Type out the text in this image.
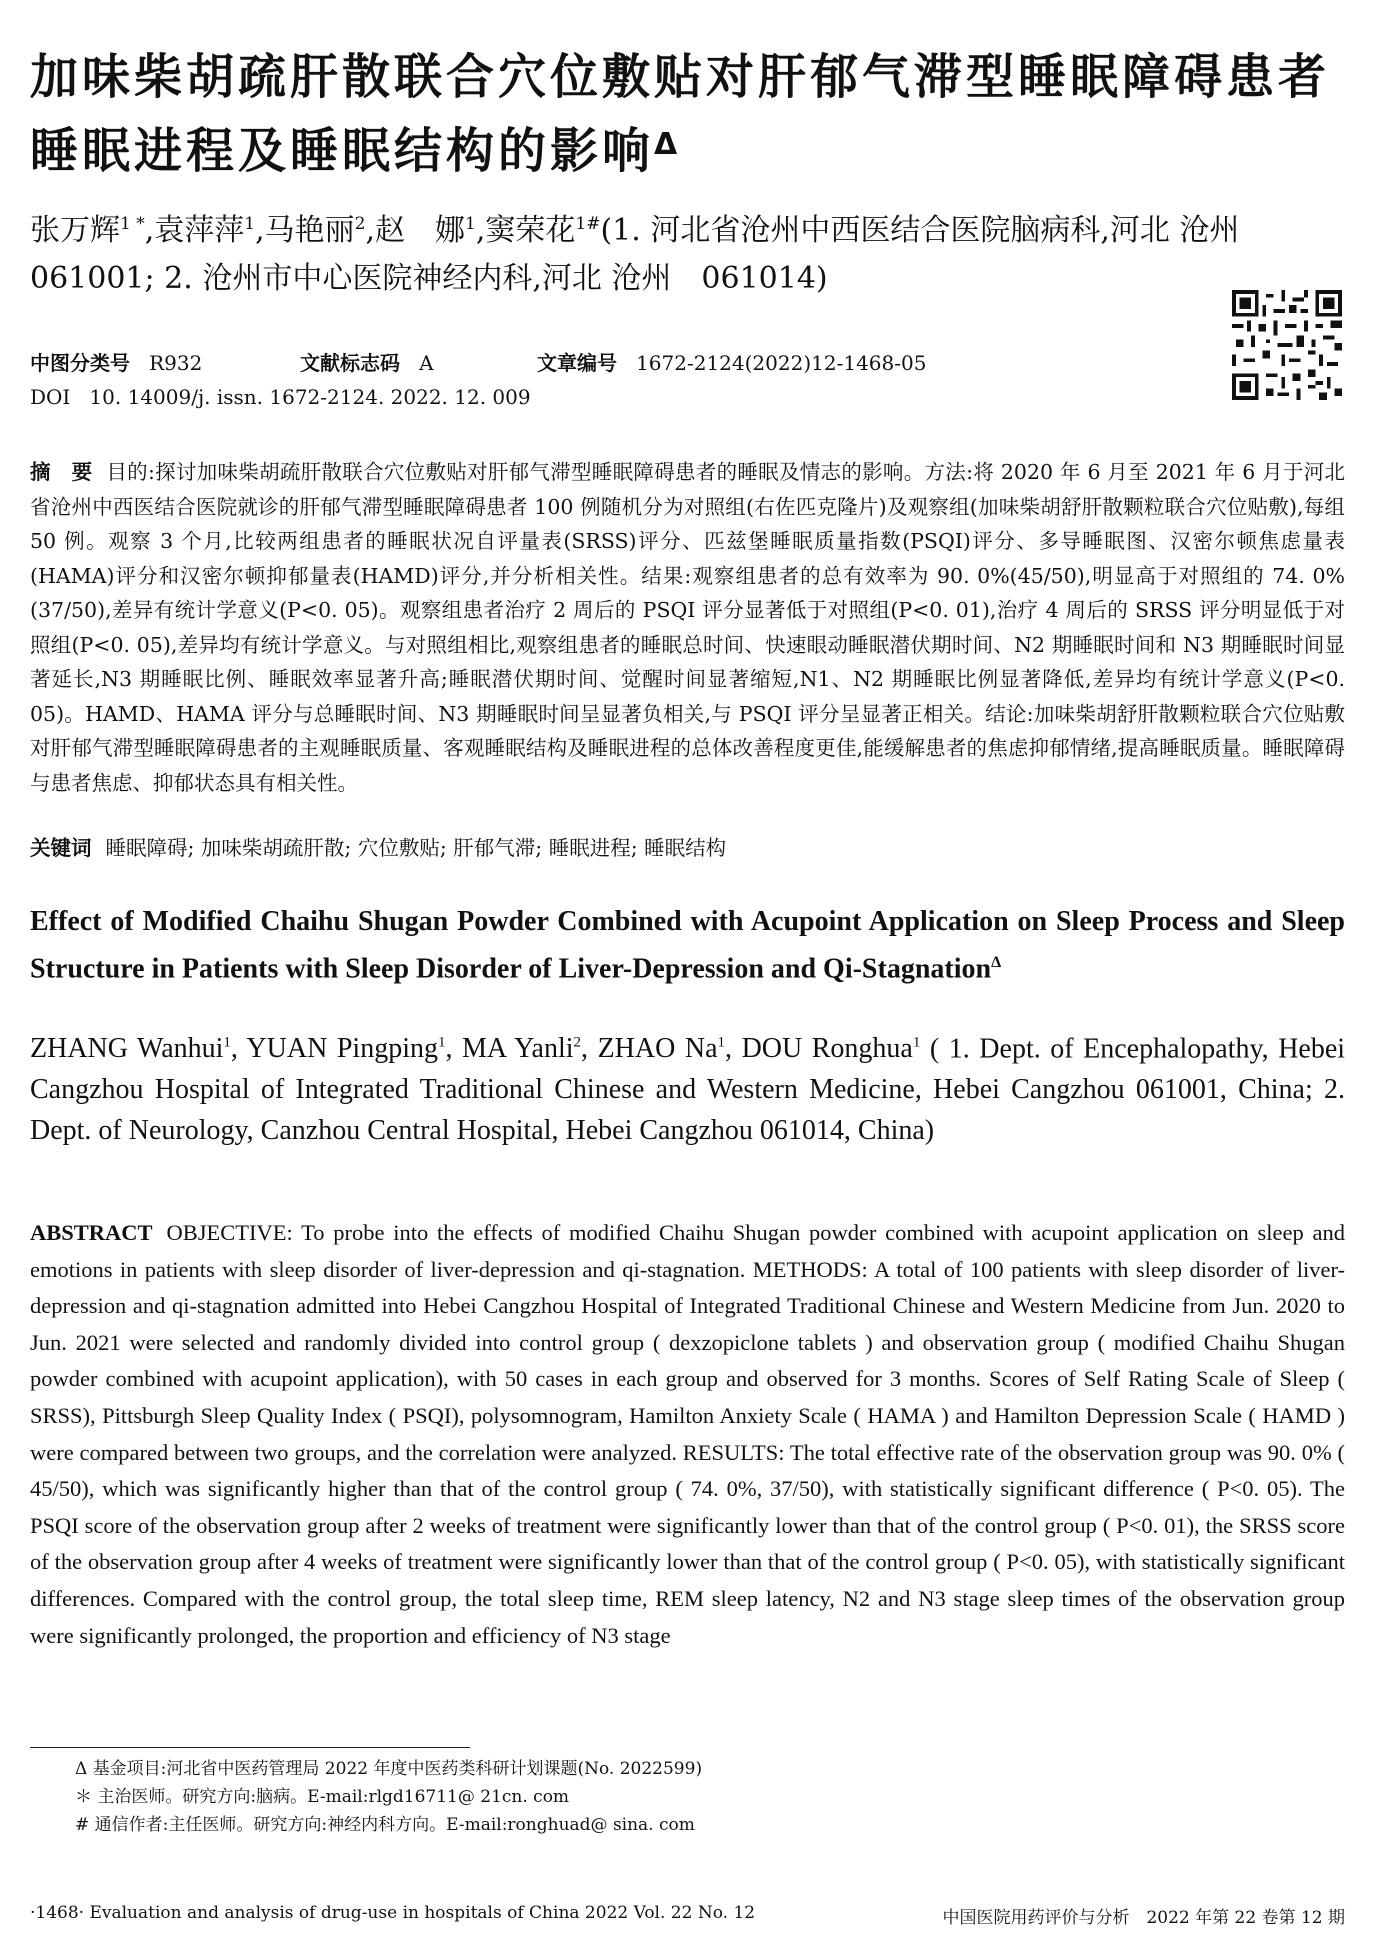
加味柴胡疏肝散联合穴位敷贴对肝郁气滞型睡眠障碍患者睡眠进程及睡眠结构的影响$^\Delta$
张万辉$^{1 *}$,袁萍萍$^1$,马艳丽$^2$,赵　娜$^1$,窦荣花$^{1\#}$(1. 河北省沧州中西医结合医院脑病科,河北 沧州　061001; 2. 沧州市中心医院神经内科,河北 沧州　061014)
中图分类号 R932	文献标志码 A	文章编号 1672-2124(2022)12-1468-05
DOI 10. 14009/j. issn. 1672-2124. 2022. 12. 009
摘　要 目的:探讨加味柴胡疏肝散联合穴位敷贴对肝郁气滞型睡眠障碍患者的睡眠及情志的影响。方法:将 2020 年 6 月至 2021 年 6 月于河北省沧州中西医结合医院就诊的肝郁气滞型睡眠障碍患者 100 例随机分为对照组(右佐匹克隆片)及观察组(加味柴胡舒肝散颗粒联合穴位贴敷),每组 50 例。观察 3 个月,比较两组患者的睡眠状况自评量表(SRSS)评分、匹兹堡睡眠质量指数(PSQI)评分、多导睡眠图、汉密尔顿焦虑量表(HAMA)评分和汉密尔顿抑郁量表(HAMD)评分,并分析相关性。结果:观察组患者的总有效率为 90. 0%(45/50),明显高于对照组的 74. 0%(37/50),差异有统计学意义(P<0. 05)。观察组患者治疗 2 周后的 PSQI 评分显著低于对照组(P<0. 01),治疗 4 周后的 SRSS 评分明显低于对照组(P<0. 05),差异均有统计学意义。与对照组相比,观察组患者的睡眠总时间、快速眼动睡眠潜伏期时间、N2 期睡眠时间和 N3 期睡眠时间显著延长,N3 期睡眠比例、睡眠效率显著升高;睡眠潜伏期时间、觉醒时间显著缩短,N1、N2 期睡眠比例显著降低,差异均有统计学意义(P<0. 05)。HAMD、HAMA 评分与总睡眠时间、N3 期睡眠时间呈显著负相关,与 PSQI 评分呈显著正相关。结论:加味柴胡舒肝散颗粒联合穴位贴敷对肝郁气滞型睡眠障碍患者的主观睡眠质量、客观睡眠结构及睡眠进程的总体改善程度更佳,能缓解患者的焦虑抑郁情绪,提高睡眠质量。睡眠障碍与患者焦虑、抑郁状态具有相关性。
关键词 睡眠障碍; 加味柴胡疏肝散; 穴位敷贴; 肝郁气滞; 睡眠进程; 睡眠结构
Effect of Modified Chaihu Shugan Powder Combined with Acupoint Application on Sleep Process and Sleep Structure in Patients with Sleep Disorder of Liver-Depression and Qi-Stagnation$^\Delta$
ZHANG Wanhui$^1$, YUAN Pingping$^1$, MA Yanli$^2$, ZHAO Na$^1$, DOU Ronghua$^1$ ( 1. Dept. of Encephalopathy, Hebei Cangzhou Hospital of Integrated Traditional Chinese and Western Medicine, Hebei Cangzhou 061001, China; 2. Dept. of Neurology, Canzhou Central Hospital, Hebei Cangzhou 061014, China)
ABSTRACT OBJECTIVE: To probe into the effects of modified Chaihu Shugan powder combined with acupoint application on sleep and emotions in patients with sleep disorder of liver-depression and qi-stagnation. METHODS: A total of 100 patients with sleep disorder of liver-depression and qi-stagnation admitted into Hebei Cangzhou Hospital of Integrated Traditional Chinese and Western Medicine from Jun. 2020 to Jun. 2021 were selected and randomly divided into control group ( dexzopiclone tablets ) and observation group ( modified Chaihu Shugan powder combined with acupoint application), with 50 cases in each group and observed for 3 months. Scores of Self Rating Scale of Sleep ( SRSS), Pittsburgh Sleep Quality Index ( PSQI), polysomnogram, Hamilton Anxiety Scale ( HAMA ) and Hamilton Depression Scale ( HAMD ) were compared between two groups, and the correlation were analyzed. RESULTS: The total effective rate of the observation group was 90. 0% ( 45/50), which was significantly higher than that of the control group ( 74. 0%, 37/50), with statistically significant difference ( P<0. 05). The PSQI score of the observation group after 2 weeks of treatment were significantly lower than that of the control group ( P<0. 01), the SRSS score of the observation group after 4 weeks of treatment were significantly lower than that of the control group ( P<0. 05), with statistically significant differences. Compared with the control group, the total sleep time, REM sleep latency, N2 and N3 stage sleep times of the observation group were significantly prolonged, the proportion and efficiency of N3 stage
Δ 基金项目:河北省中医药管理局 2022 年度中医药类科研计划课题(No. 2022599)
＊ 主治医师。研究方向:脑病。E-mail:rlgd16711@ 21cn. com
# 通信作者:主任医师。研究方向:神经内科方向。E-mail:ronghuad@ sina. com
·1468· Evaluation and analysis of drug-use in hospitals of China 2022 Vol. 22 No. 12	中国医院用药评价与分析　2022 年第 22 卷第 12 期
